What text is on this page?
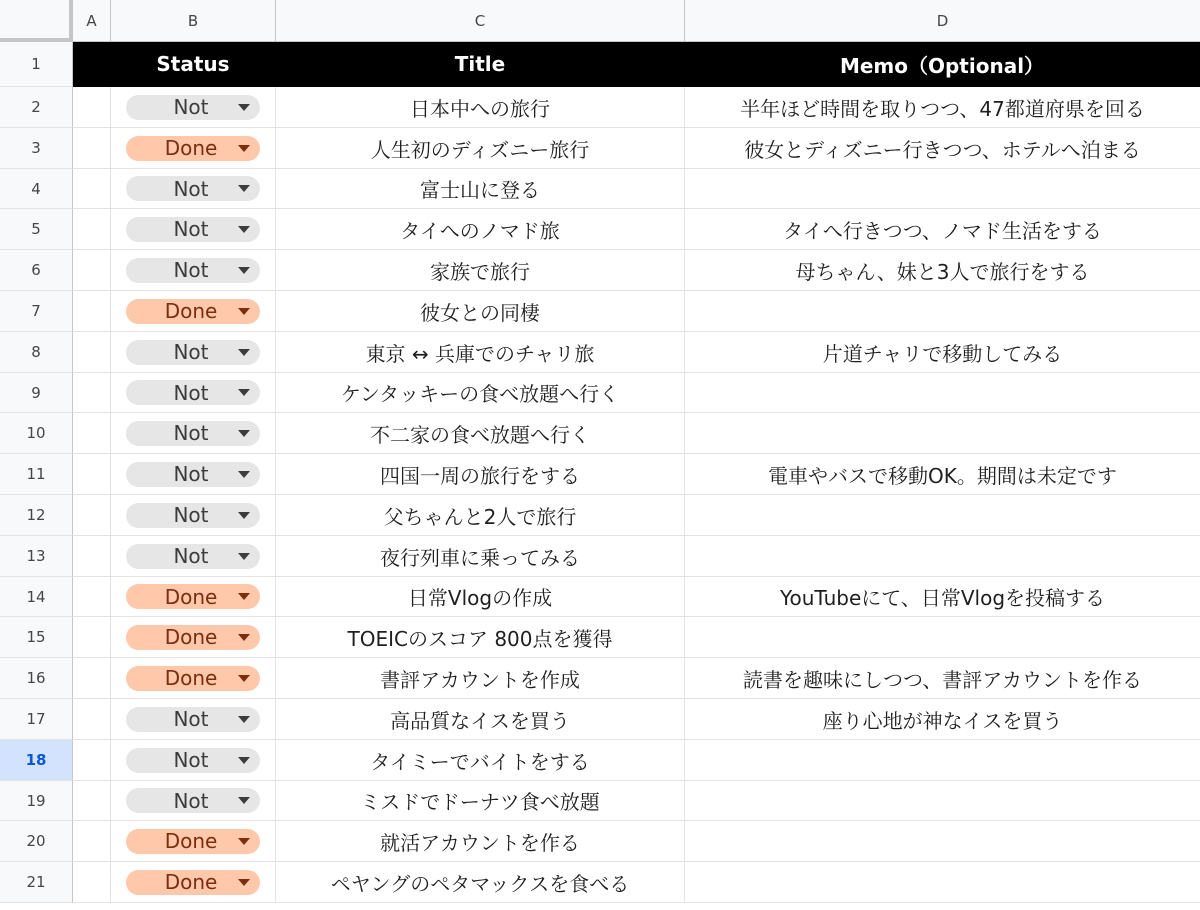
A	B	C	D
1	Status	Title	Memo（Optional）
2	Not	日本中への旅行	半年ほど時間を取りつつ、47都道府県を回る
3	Done	人生初のディズニー旅行	彼女とディズニー行きつつ、ホテルへ泊まる
4	Not	富士山に登る
5	Not	タイへのノマド旅	タイへ行きつつ、ノマド生活をする
6	Not	家族で旅行	母ちゃん、妹と3人で旅行をする
7	Done	彼女との同棲
8	Not	東京 ↔ 兵庫でのチャリ旅	片道チャリで移動してみる
9	Not	ケンタッキーの食べ放題へ行く
10	Not	不二家の食べ放題へ行く
11	Not	四国一周の旅行をする	電車やバスで移動OK。期間は未定です
12	Not	父ちゃんと2人で旅行
13	Not	夜行列車に乗ってみる
14	Done	日常Vlogの作成	YouTubeにて、日常Vlogを投稿する
15	Done	TOEICのスコア 800点を獲得
16	Done	書評アカウントを作成	読書を趣味にしつつ、書評アカウントを作る
17	Not	高品質なイスを買う	座り心地が神なイスを買う
18	Not	タイミーでバイトをする
19	Not	ミスドでドーナツ食べ放題
20	Done	就活アカウントを作る
21	Done	ペヤングのペタマックスを食べる
